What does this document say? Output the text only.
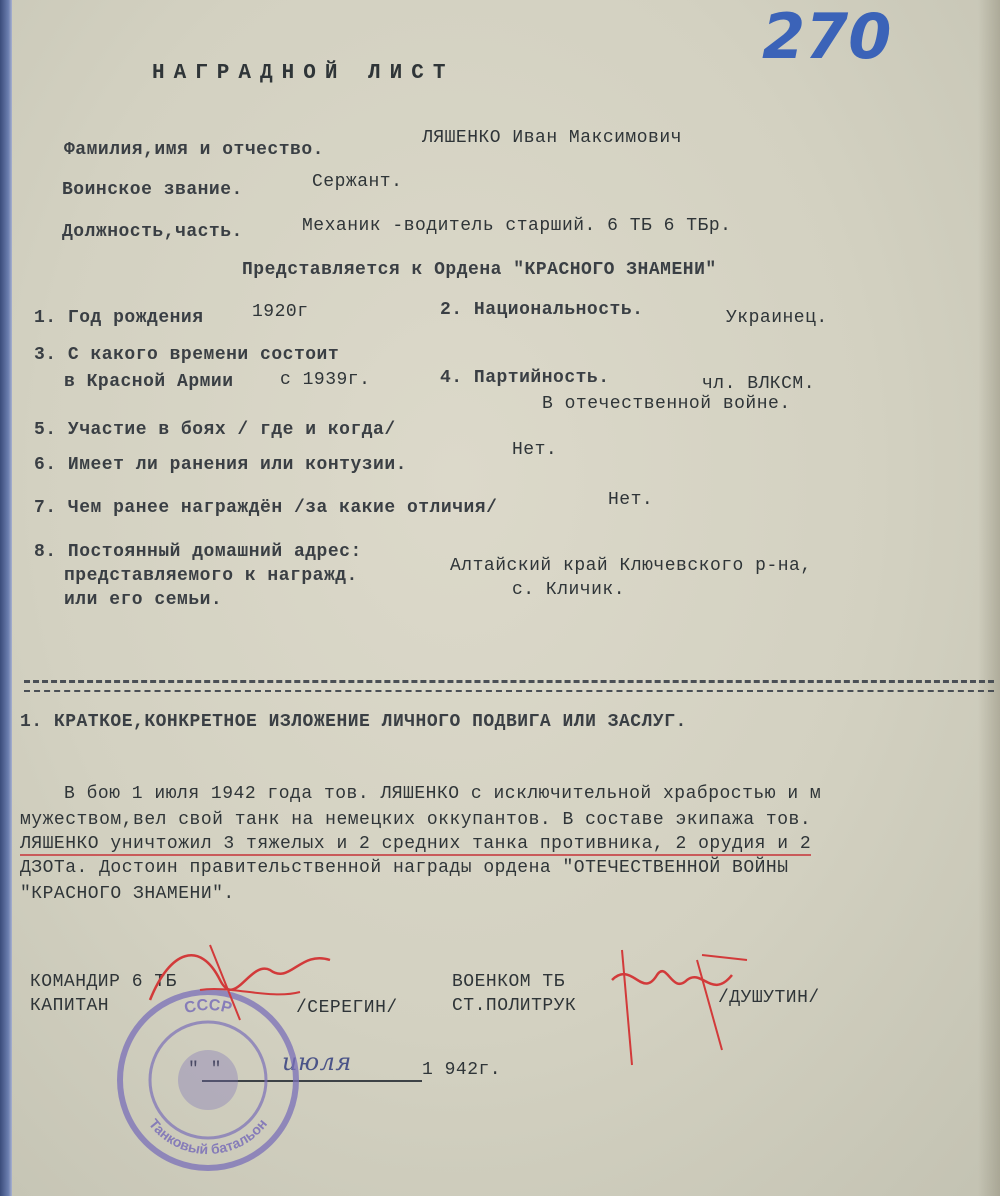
270
НАГРАДНОЙ ЛИСТ
Фамилия,имя и отчество.
ЛЯШЕНКО Иван Максимович
Воинское звание.	Сержант.
Должность,часть.	Механик -водитель старший. 6 ТБ 6 ТБр.
Представляется к Ордена "КРАСНОГО ЗНАМЕНИ"
1. Год рождения	1920г	2. Национальность.	Украинец.
3. С какого времени состоит
в Красной Армии	с 1939г.	4. Партийность.	чл. ВЛКСМ.
5. Участие в боях / где и когда/
В отечественной войне.
6. Имеет ли ранения или контузии.
Нет.
7. Чем ранее награждён /за какие отличия/	Нет.
8. Постоянный домашний адрес:
представляемого к награжд.
или его семьи.
Алтайский край Ключевского р-на,
с. Кличик.
1. КРАТКОЕ,КОНКРЕТНОЕ ИЗЛОЖЕНИЕ ЛИЧНОГО ПОДВИГА ИЛИ ЗАСЛУГ.
В бою 1 июля 1942 года тов. ЛЯШЕНКО с исключительной храбростью и м
мужеством,вел свой танк на немецких оккупантов. В составе экипажа тов.
ЛЯШЕНКО уничтожил 3 тяжелых и 2 средних танка противника, 2 орудия и 2
ДЗОТа. Достоин правительственной награды ордена "ОТЕЧЕСТВЕННОЙ ВОЙНЫ
"КРАСНОГО ЗНАМЕНИ".
КОМАНДИР 6 ТБ
КАПИТАН	/СЕРЕГИН/
ВОЕНКОМ ТБ
СТ.ПОЛИТРУК	/ДУШУТИН/
" "	июля	1 942г.
СССР
Танковый батальон
